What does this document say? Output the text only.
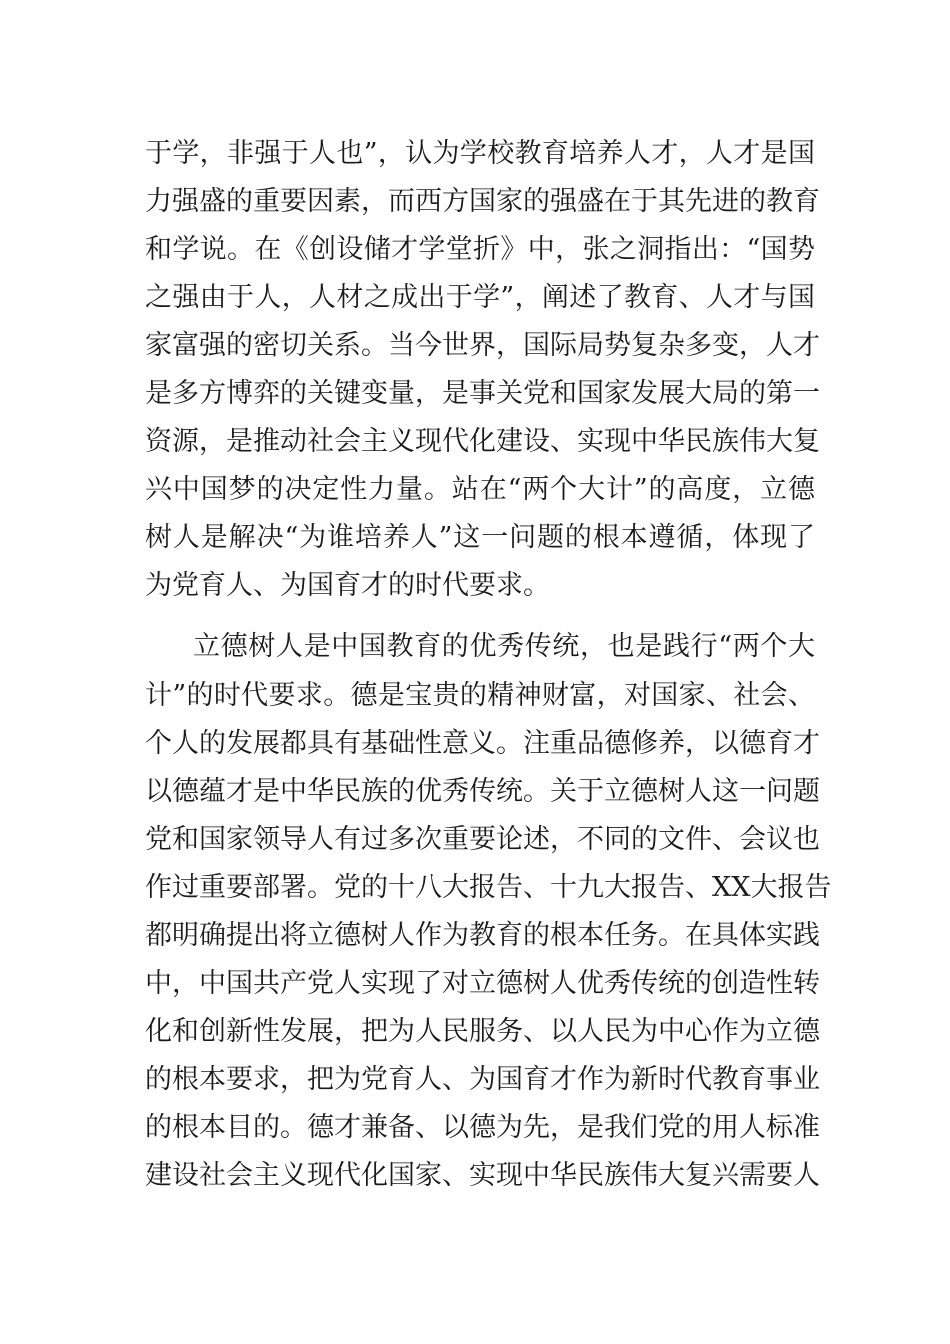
于学，非强于人也”，认为学校教育培养人才，人才是国
力强盛的重要因素，而西方国家的强盛在于其先进的教育
和学说。在《创设储才学堂折》中，张之洞指出：“国势
之强由于人，人材之成出于学”，阐述了教育、人才与国
家富强的密切关系。当今世界，国际局势复杂多变，人才
是多方博弈的关键变量，是事关党和国家发展大局的第一
资源，是推动社会主义现代化建设、实现中华民族伟大复
兴中国梦的决定性力量。站在“两个大计”的高度，立德
树人是解决“为谁培养人”这一问题的根本遵循，体现了
为党育人、为国育才的时代要求。
立德树人是中国教育的优秀传统，也是践行“两个大
计”的时代要求。德是宝贵的精神财富，对国家、社会、
个人的发展都具有基础性意义。注重品德修养，以德育才
以德蕴才是中华民族的优秀传统。关于立德树人这一问题
党和国家领导人有过多次重要论述，不同的文件、会议也
作过重要部署。党的十八大报告、十九大报告、XX大报告
都明确提出将立德树人作为教育的根本任务。在具体实践
中，中国共产党人实现了对立德树人优秀传统的创造性转
化和创新性发展，把为人民服务、以人民为中心作为立德
的根本要求，把为党育人、为国育才作为新时代教育事业
的根本目的。德才兼备、以德为先，是我们党的用人标准
建设社会主义现代化国家、实现中华民族伟大复兴需要人
